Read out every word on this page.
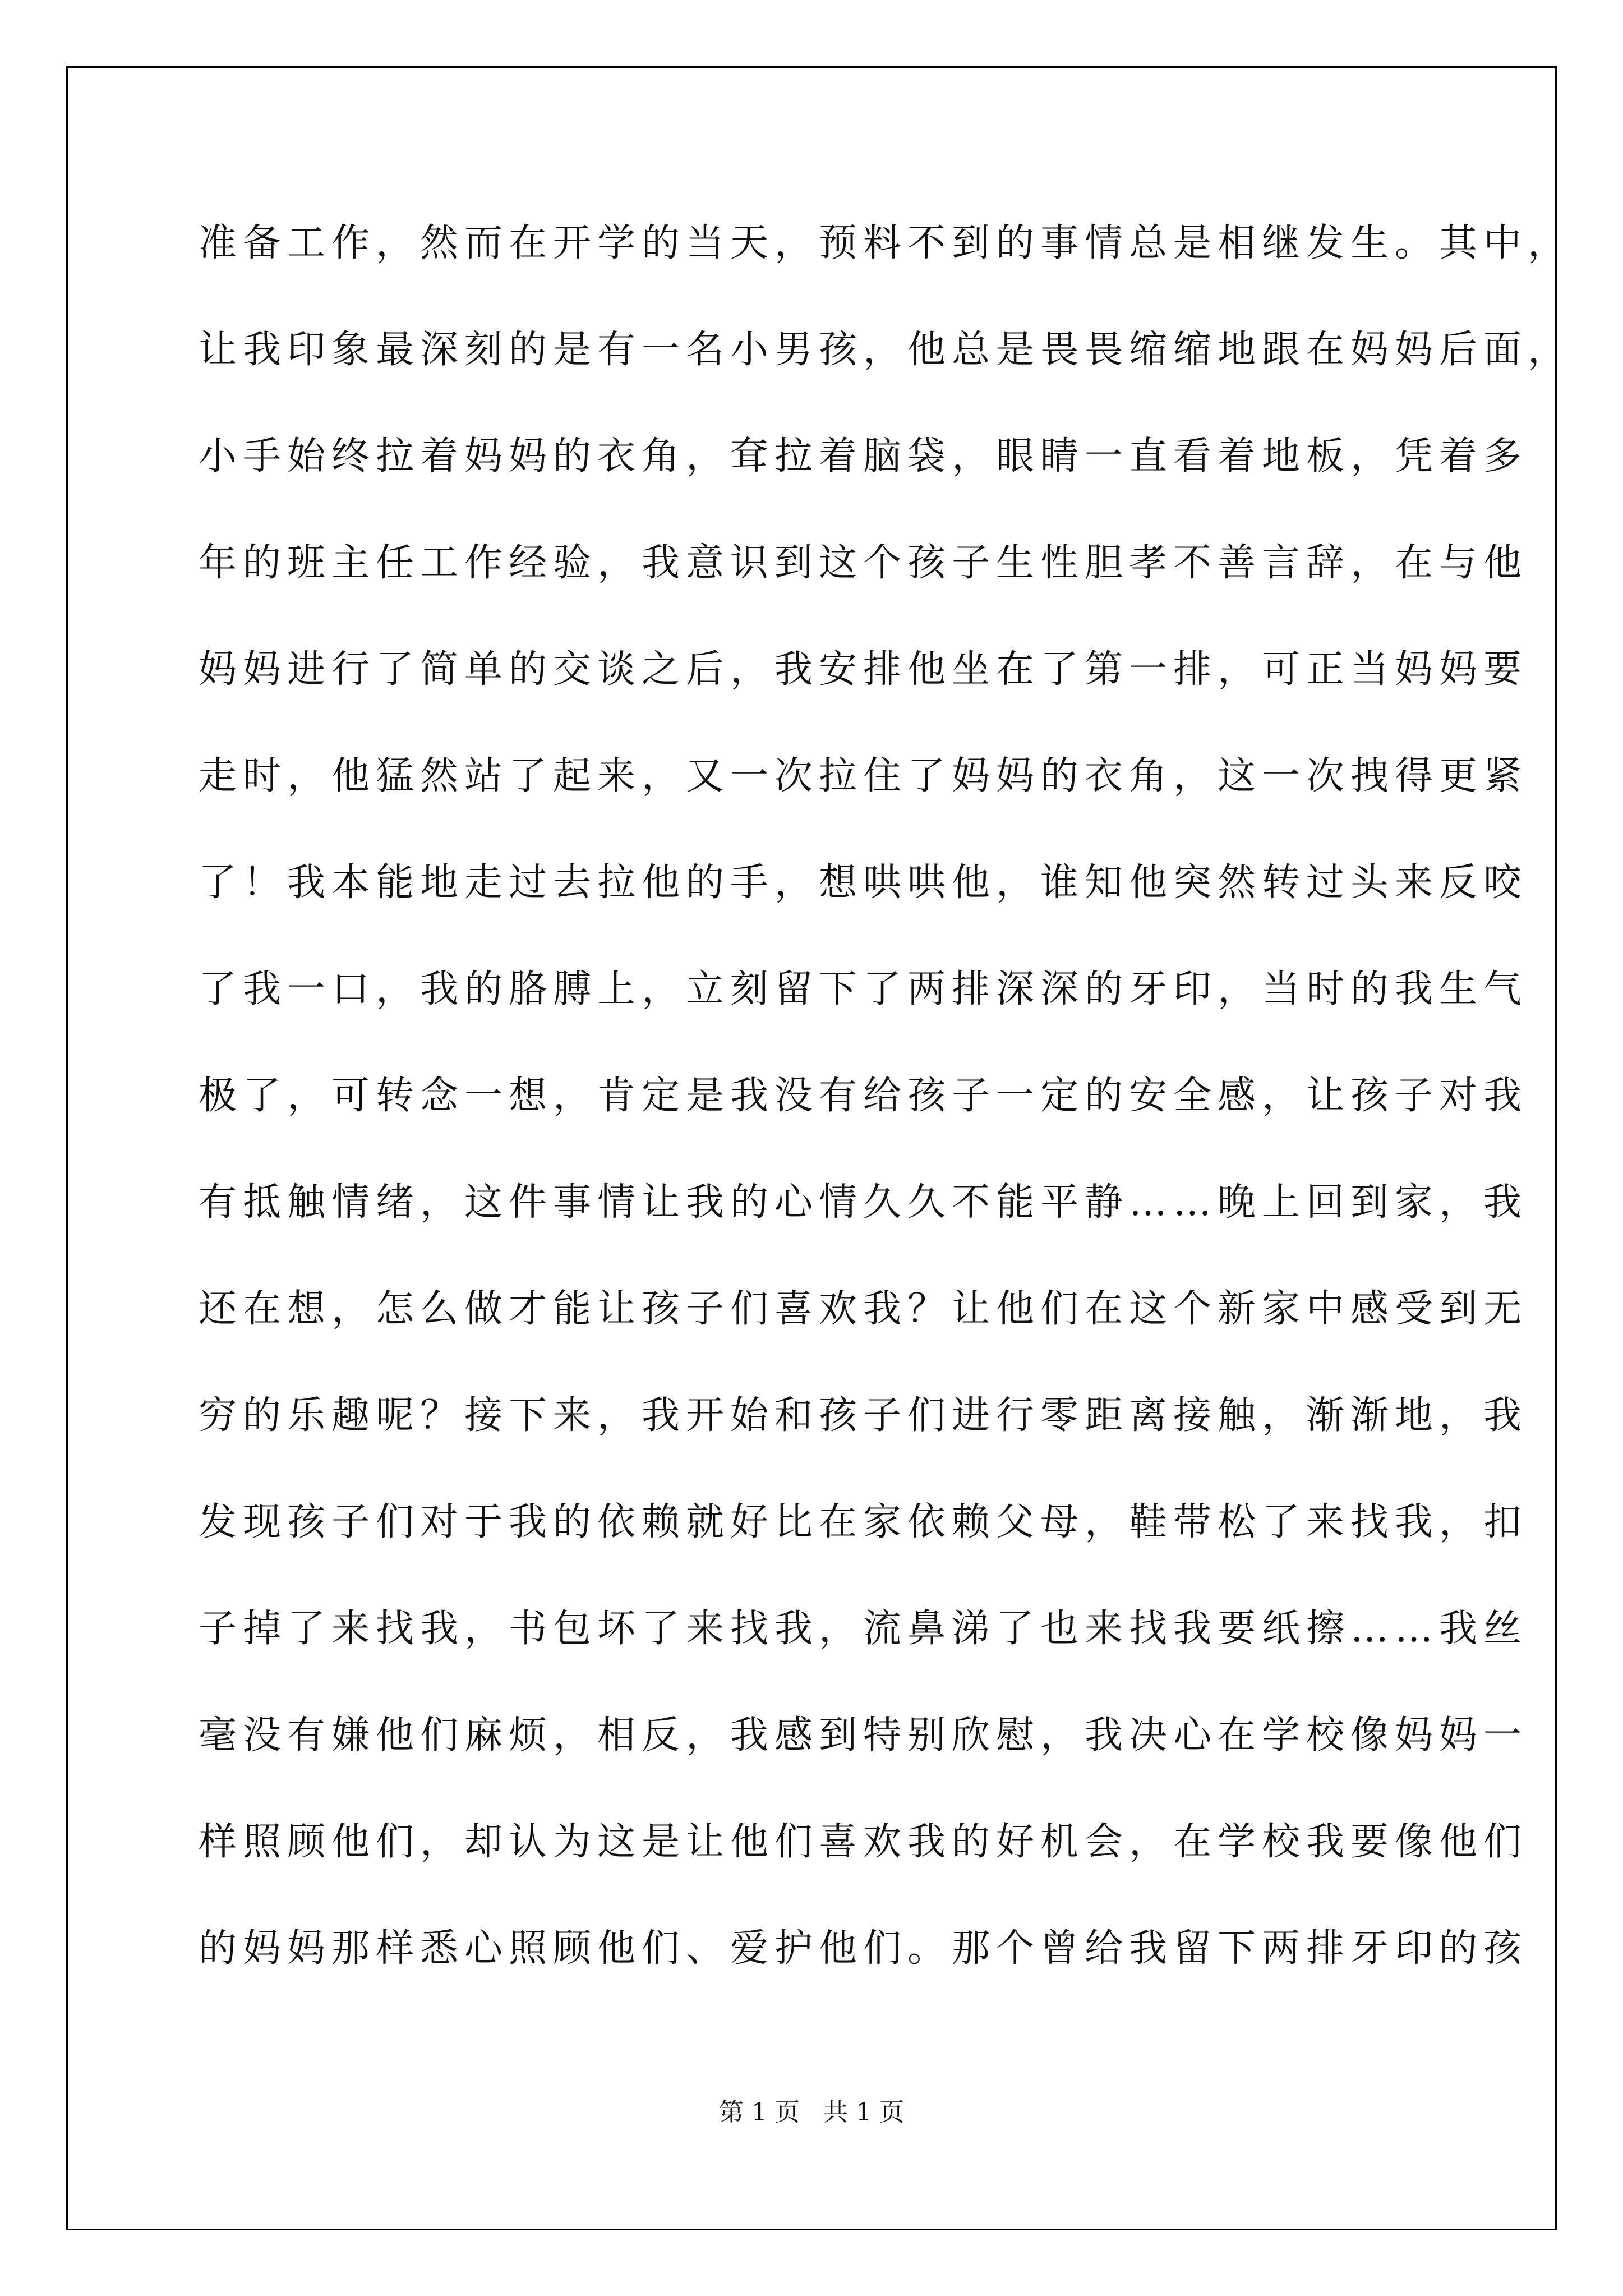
准备工作，然而在开学的当天，预料不到的事情总是相继发生。其中，
让我印象最深刻的是有一名小男孩，他总是畏畏缩缩地跟在妈妈后面，
小手始终拉着妈妈的衣角，耷拉着脑袋，眼睛一直看着地板，凭着多
年的班主任工作经验，我意识到这个孩子生性胆孝不善言辞，在与他
妈妈进行了简单的交谈之后，我安排他坐在了第一排，可正当妈妈要
走时，他猛然站了起来，又一次拉住了妈妈的衣角，这一次拽得更紧
了！我本能地走过去拉他的手，想哄哄他，谁知他突然转过头来反咬
了我一口，我的胳膊上，立刻留下了两排深深的牙印，当时的我生气
极了，可转念一想，肯定是我没有给孩子一定的安全感，让孩子对我
有抵触情绪，这件事情让我的心情久久不能平静……晚上回到家，我
还在想，怎么做才能让孩子们喜欢我？让他们在这个新家中感受到无
穷的乐趣呢？接下来，我开始和孩子们进行零距离接触，渐渐地，我
发现孩子们对于我的依赖就好比在家依赖父母，鞋带松了来找我，扣
子掉了来找我，书包坏了来找我，流鼻涕了也来找我要纸擦……我丝
毫没有嫌他们麻烦，相反，我感到特别欣慰，我决心在学校像妈妈一
样照顾他们，却认为这是让他们喜欢我的好机会，在学校我要像他们
的妈妈那样悉心照顾他们、爱护他们。那个曾给我留下两排牙印的孩
第 1 页   共 1 页
